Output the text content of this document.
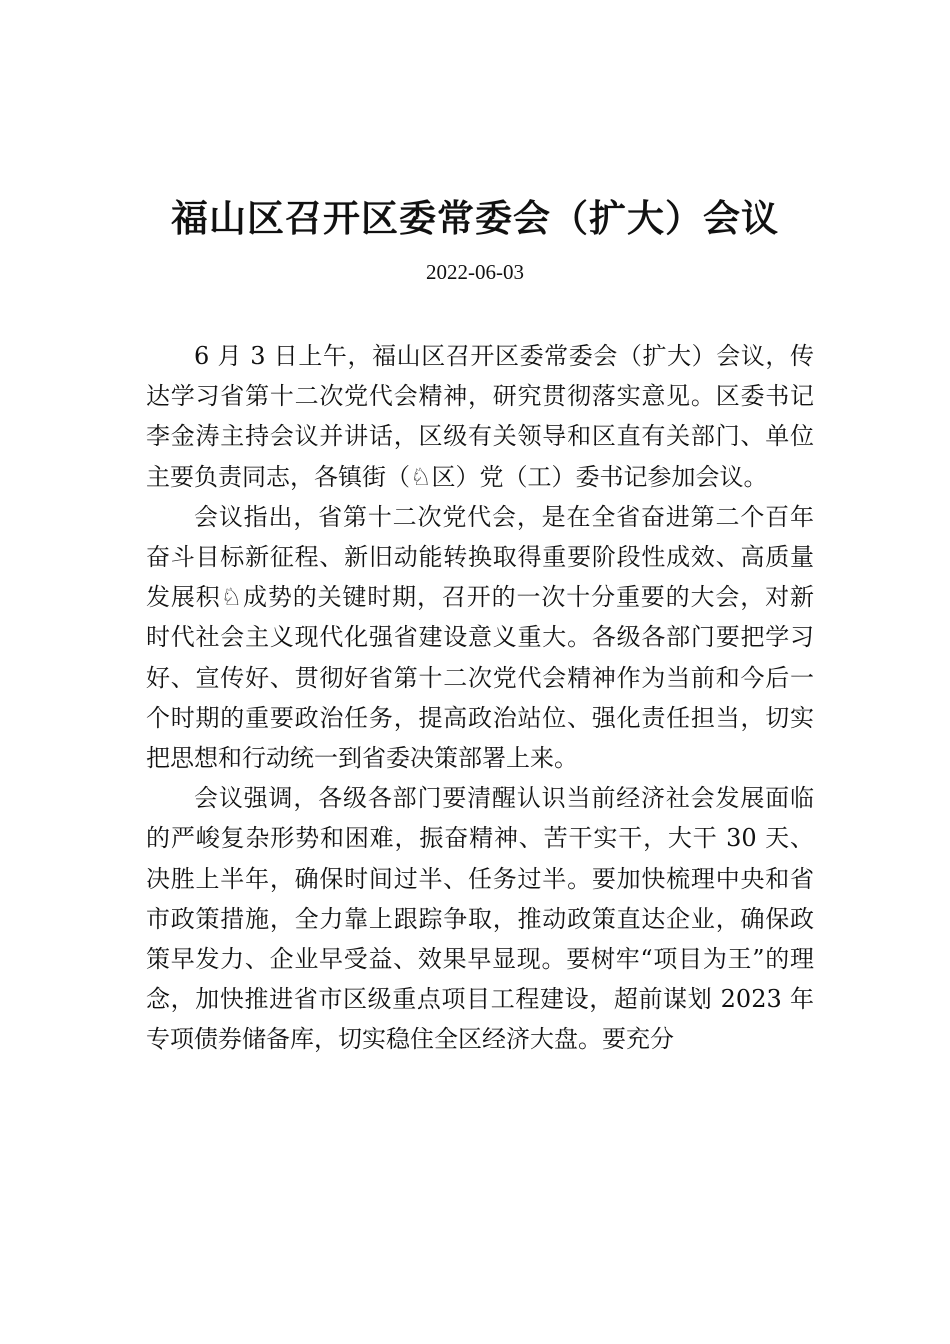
福山区召开区委常委会（扩大）会议
2022-06-03

6 月 3 日上午，福山区召开区委常委会（扩大）会议，传达学习省第十二次党代会精神，研究贯彻落实意见。区委书记李金涛主持会议并讲话，区级有关领导和区直有关部门、单位主要负责同志，各镇街（♘区）党（工）委书记参加会议。

会议指出，省第十二次党代会，是在全省奋进第二个百年奋斗目标新征程、新旧动能转换取得重要阶段性成效、高质量发展积♘成势的关键时期，召开的一次十分重要的大会，对新时代社会主义现代化强省建设意义重大。各级各部门要把学习好、宣传好、贯彻好省第十二次党代会精神作为当前和今后一个时期的重要政治任务，提高政治站位、强化责任担当，切实把思想和行动统一到省委决策部署上来。

会议强调，各级各部门要清醒认识当前经济社会发展面临的严峻复杂形势和困难，振奋精神、苦干实干，大干 30 天、决胜上半年，确保时间过半、任务过半。要加快梳理中央和省市政策措施，全力靠上跟踪争取，推动政策直达企业，确保政策早发力、企业早受益、效果早显现。要树牢“项目为王”的理念，加快推进省市区级重点项目工程建设，超前谋划 2023 年专项债券储备库，切实稳住全区经济大盘。要充分
